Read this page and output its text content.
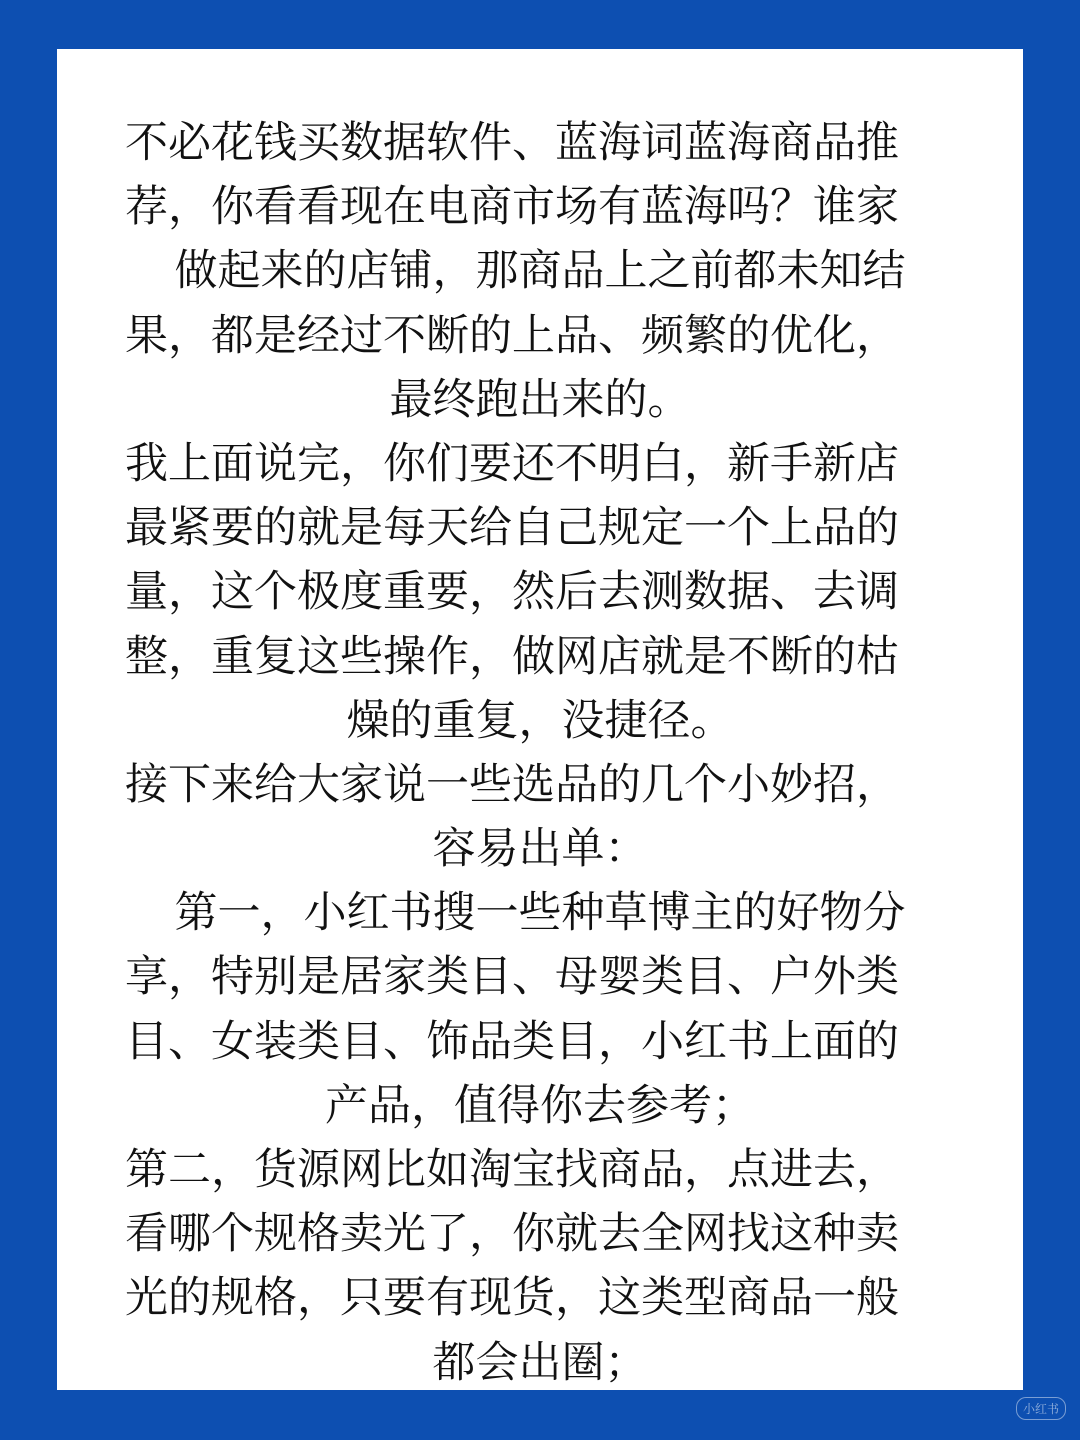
不必花钱买数据软件、蓝海词蓝海商品推
荐，你看看现在电商市场有蓝海吗？谁家
做起来的店铺，那商品上之前都未知结
果，都是经过不断的上品、频繁的优化，
最终跑出来的。
我上面说完，你们要还不明白，新手新店
最紧要的就是每天给自己规定一个上品的
量，这个极度重要，然后去测数据、去调
整，重复这些操作，做网店就是不断的枯
燥的重复，没捷径。
接下来给大家说一些选品的几个小妙招，
容易出单：
第一，小红书搜一些种草博主的好物分
享，特别是居家类目、母婴类目、户外类
目、女装类目、饰品类目，小红书上面的
产品，值得你去参考；
第二，货源网比如淘宝找商品，点进去，
看哪个规格卖光了，你就去全网找这种卖
光的规格，只要有现货，这类型商品一般
都会出圈；
小红书
